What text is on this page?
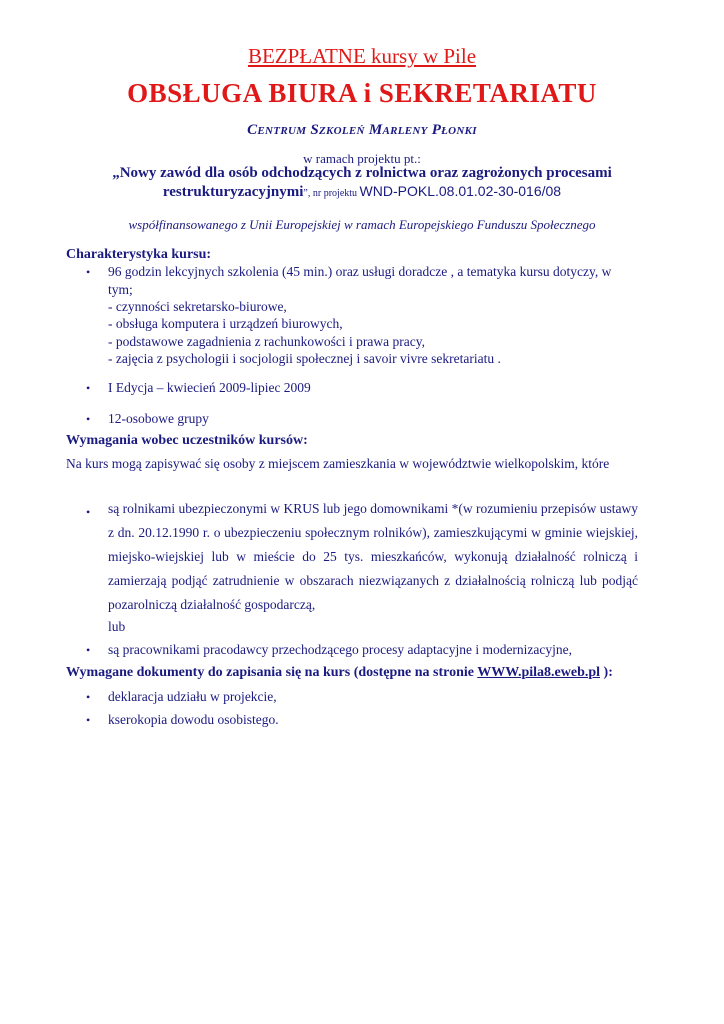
BEZPŁATNE kursy w Pile
OBSŁUGA BIURA i SEKRETARIATU
Centrum Szkoleń Marleny Płonki
w ramach projektu pt.:
„Nowy zawód dla osób odchodzących z rolnictwa oraz zagrożonych procesami
restrukturyzacyjnymi”, nr projektu WND-POKL.08.01.02-30-016/08
współfinansowanego z Unii Europejskiej w ramach Europejskiego Funduszu Społecznego
Charakterystyka kursu:
• 96 godzin lekcyjnych szkolenia (45 min.) oraz usługi doradcze , a tematyka kursu dotyczy, w
tym;
- czynności sekretarsko-biurowe,
- obsługa komputera i urządzeń biurowych,
- podstawowe zagadnienia z rachunkowości i prawa pracy,
- zajęcia z psychologii i socjologii społecznej i savoir vivre sekretariatu .
• I Edycja – kwiecień 2009-lipiec 2009
• 12-osobowe grupy
Wymagania wobec uczestników kursów:
Na kurs mogą zapisywać się osoby z miejscem zamieszkania w województwie wielkopolskim, które
• są rolnikami ubezpieczonymi w KRUS lub jego domownikami *(w rozumieniu przepisów ustawy
z dn. 20.12.1990 r. o ubezpieczeniu społecznym rolników), zamieszkującymi w gminie wiejskiej,
miejsko-wiejskiej lub w mieście do 25 tys. mieszkańców, wykonują działalność rolniczą i
zamierzają podjąć zatrudnienie w obszarach niezwiązanych z działalnością rolniczą lub podjąć
pozarolniczą działalność gospodarczą,
lub
• są pracownikami pracodawcy przechodzącego procesy adaptacyjne i modernizacyjne,
Wymagane dokumenty do zapisania się na kurs (dostępne na stronie WWW.pila8.eweb.pl ):
• deklaracja udziału w projekcie,
• kserokopia dowodu osobistego.
